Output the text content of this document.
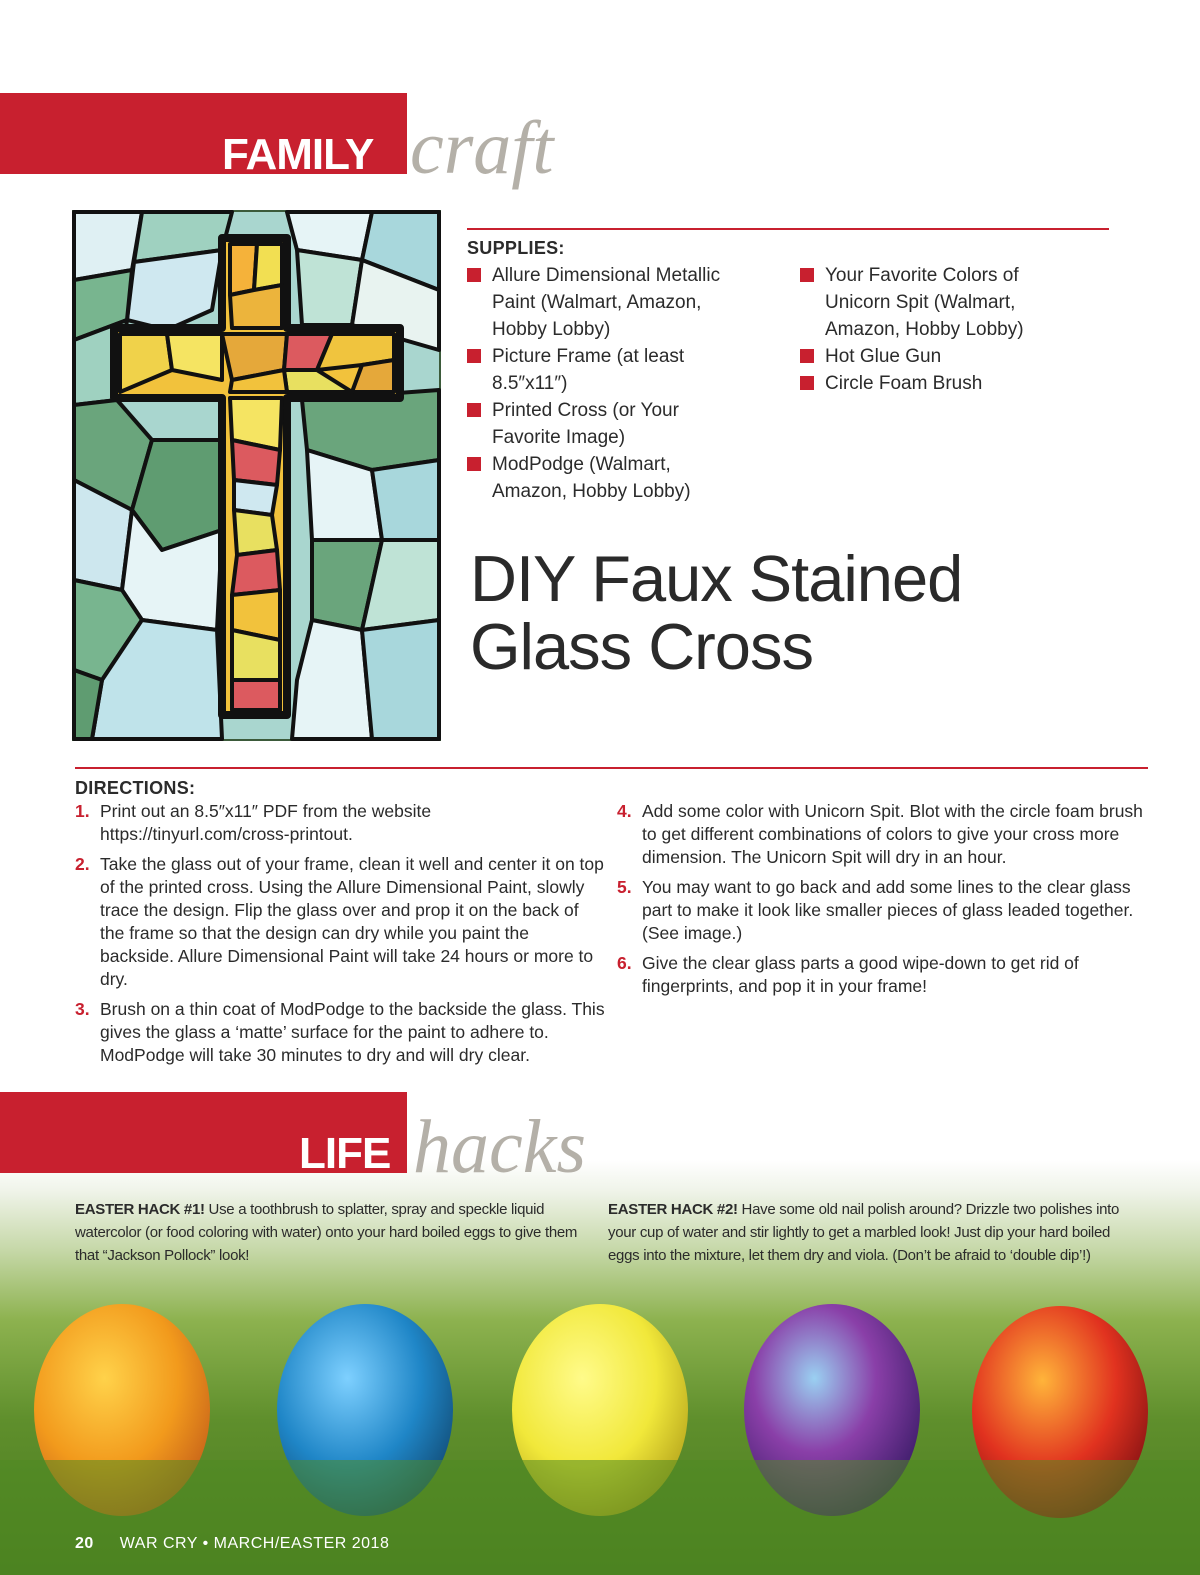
FAMILY craft
SUPPLIES:
Allure Dimensional Metallic Paint (Walmart, Amazon, Hobby Lobby)
Picture Frame (at least 8.5″x11″)
Printed Cross (or Your Favorite Image)
ModPodge (Walmart, Amazon, Hobby Lobby)
Your Favorite Colors of Unicorn Spit (Walmart, Amazon, Hobby Lobby)
Hot Glue Gun
Circle Foam Brush
DIY Faux Stained
Glass Cross
DIRECTIONS:
1. Print out an 8.5″x11″ PDF from the website https://tinyurl.com/cross-printout.
2. Take the glass out of your frame, clean it well and center it on top of the printed cross. Using the Allure Dimensional Paint, slowly trace the design. Flip the glass over and prop it on the back of the frame so that the design can dry while you paint the backside. Allure Dimensional Paint will take 24 hours or more to dry.
3. Brush on a thin coat of ModPodge to the backside the glass. This gives the glass a ‘matte’ surface for the paint to adhere to. ModPodge will take 30 minutes to dry and will dry clear.
4. Add some color with Unicorn Spit. Blot with the circle foam brush to get different combinations of colors to give your cross more dimension. The Unicorn Spit will dry in an hour.
5. You may want to go back and add some lines to the clear glass part to make it look like smaller pieces of glass leaded together. (See image.)
6. Give the clear glass parts a good wipe-down to get rid of fingerprints, and pop it in your frame!
LIFE hacks
EASTER HACK #1! Use a toothbrush to splatter, spray and speckle liquid watercolor (or food coloring with water) onto your hard boiled eggs to give them that “Jackson Pollock” look!
EASTER HACK #2! Have some old nail polish around? Drizzle two polishes into your cup of water and stir lightly to get a marbled look! Just dip your hard boiled eggs into the mixture, let them dry and viola. (Don’t be afraid to ‘double dip’!)
20 WAR CRY • MARCH/EASTER 2018
